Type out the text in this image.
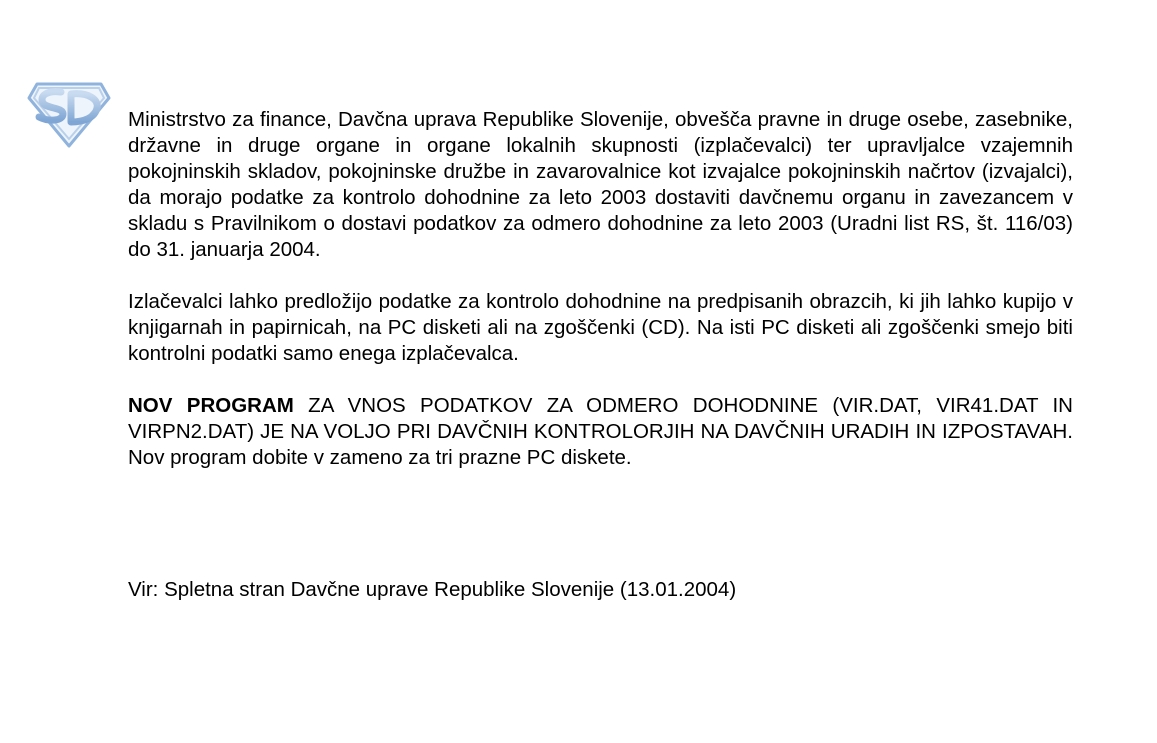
Ministrstvo za finance, Davčna uprava Republike Slovenije, obvešča pravne in druge osebe, zasebnike, državne in druge organe in organe lokalnih skupnosti (izplačevalci) ter upravljalce vzajemnih pokojninskih skladov, pokojninske družbe in zavarovalnice kot izvajalce pokojninskih načrtov (izvajalci), da morajo podatke za kontrolo dohodnine za leto 2003 dostaviti davčnemu organu in zavezancem v skladu s Pravilnikom o dostavi podatkov za odmero dohodnine za leto 2003 (Uradni list RS, št. 116/03) do 31. januarja 2004.

Izlačevalci lahko predložijo podatke za kontrolo dohodnine na predpisanih obrazcih, ki jih lahko kupijo v knjigarnah in papirnicah, na PC disketi ali na zgoščenki (CD). Na isti PC disketi ali zgoščenki smejo biti kontrolni podatki samo enega izplačevalca.

NOV PROGRAM ZA VNOS PODATKOV ZA ODMERO DOHODNINE (VIR.DAT, VIR41.DAT IN VIRPN2.DAT) JE NA VOLJO PRI DAVČNIH KONTROLORJIH NA DAVČNIH URADIH IN IZPOSTAVAH. Nov program dobite v zameno za tri prazne PC diskete.

Vir: Spletna stran Davčne uprave Republike Slovenije (13.01.2004)
